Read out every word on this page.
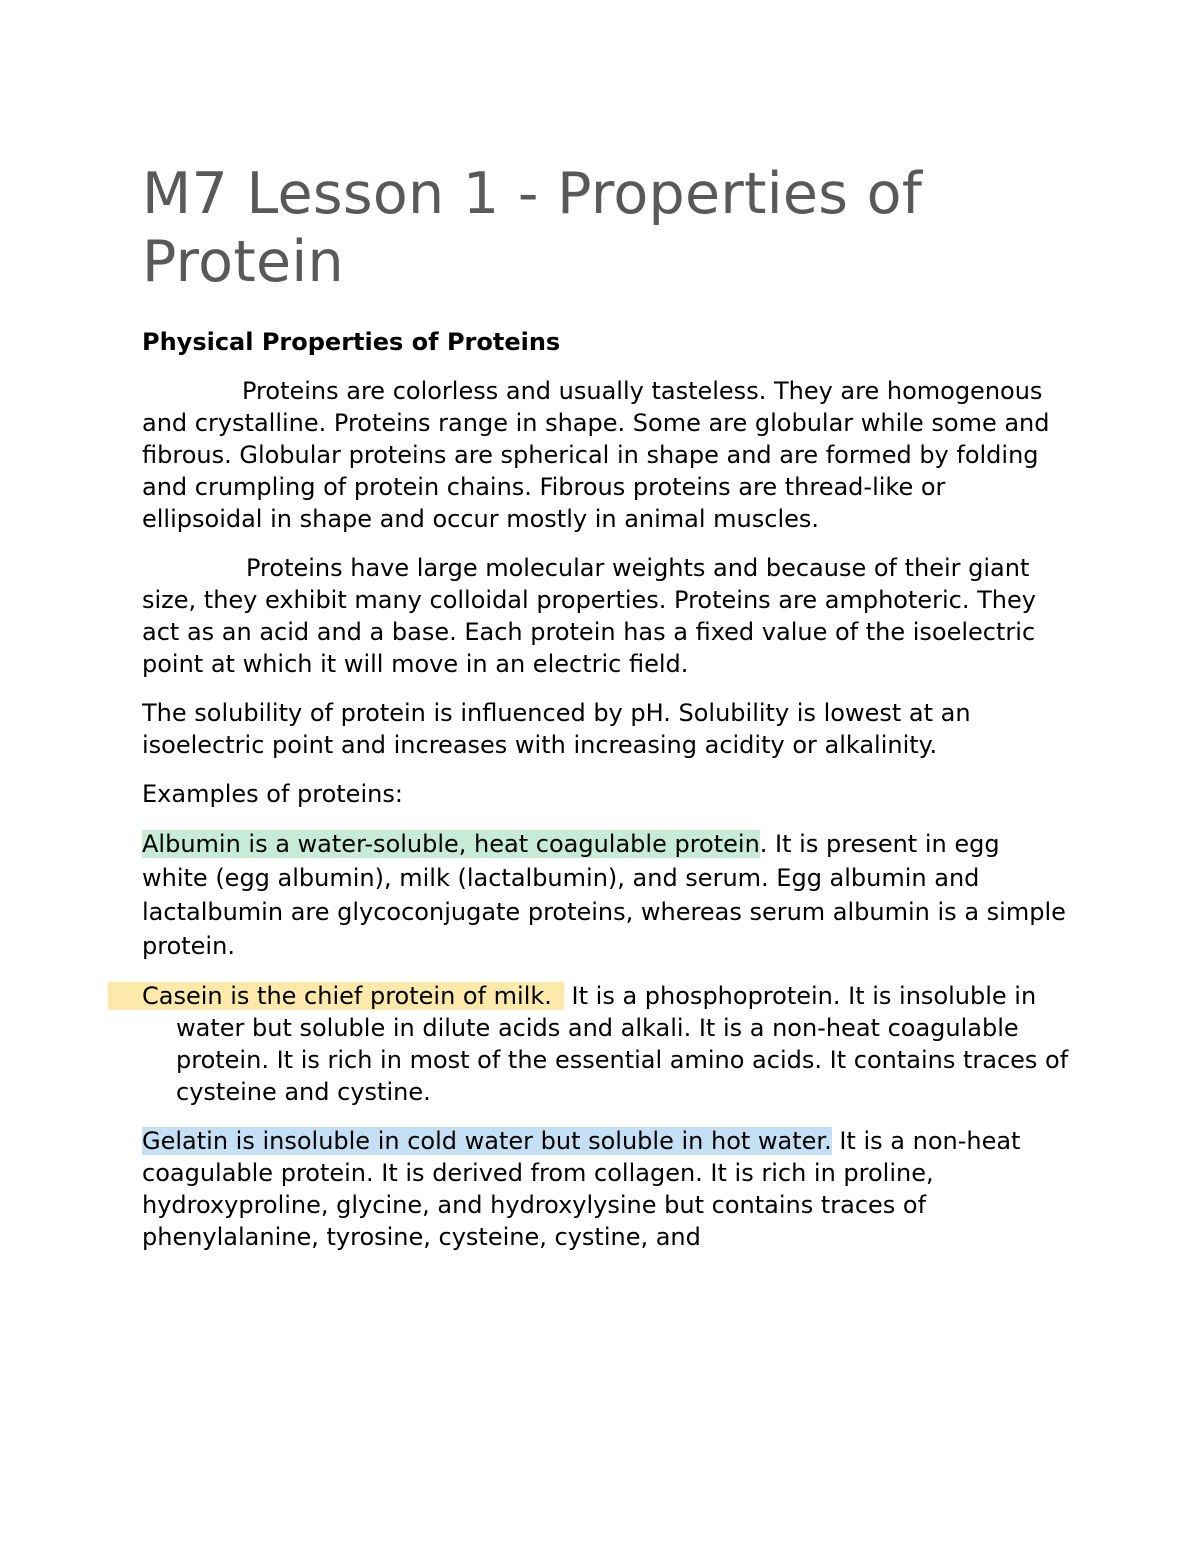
M7 Lesson 1 - Properties of Protein
Physical Properties of Proteins

Proteins are colorless and usually tasteless. They are homogenous and crystalline. Proteins range in shape. Some are globular while some and fibrous. Globular proteins are spherical in shape and are formed by folding and crumpling of protein chains. Fibrous proteins are thread-like or ellipsoidal in shape and occur mostly in animal muscles.

Proteins have large molecular weights and because of their giant size, they exhibit many colloidal properties. Proteins are amphoteric. They act as an acid and a base. Each protein has a fixed value of the isoelectric point at which it will move in an electric field.

The solubility of protein is influenced by pH. Solubility is lowest at an isoelectric point and increases with increasing acidity or alkalinity.

Examples of proteins:

Albumin is a water-soluble, heat coagulable protein. It is present in egg white (egg albumin), milk (lactalbumin), and serum. Egg albumin and lactalbumin are glycoconjugate proteins, whereas serum albumin is a simple protein.

Casein is the chief protein of milk. It is a phosphoprotein. It is insoluble in water but soluble in dilute acids and alkali. It is a non-heat coagulable protein. It is rich in most of the essential amino acids. It contains traces of cysteine and cystine.

Gelatin is insoluble in cold water but soluble in hot water. It is a non-heat coagulable protein. It is derived from collagen. It is rich in proline, hydroxyproline, glycine, and hydroxylysine but contains traces of phenylalanine, tyrosine, cysteine, cystine, and
